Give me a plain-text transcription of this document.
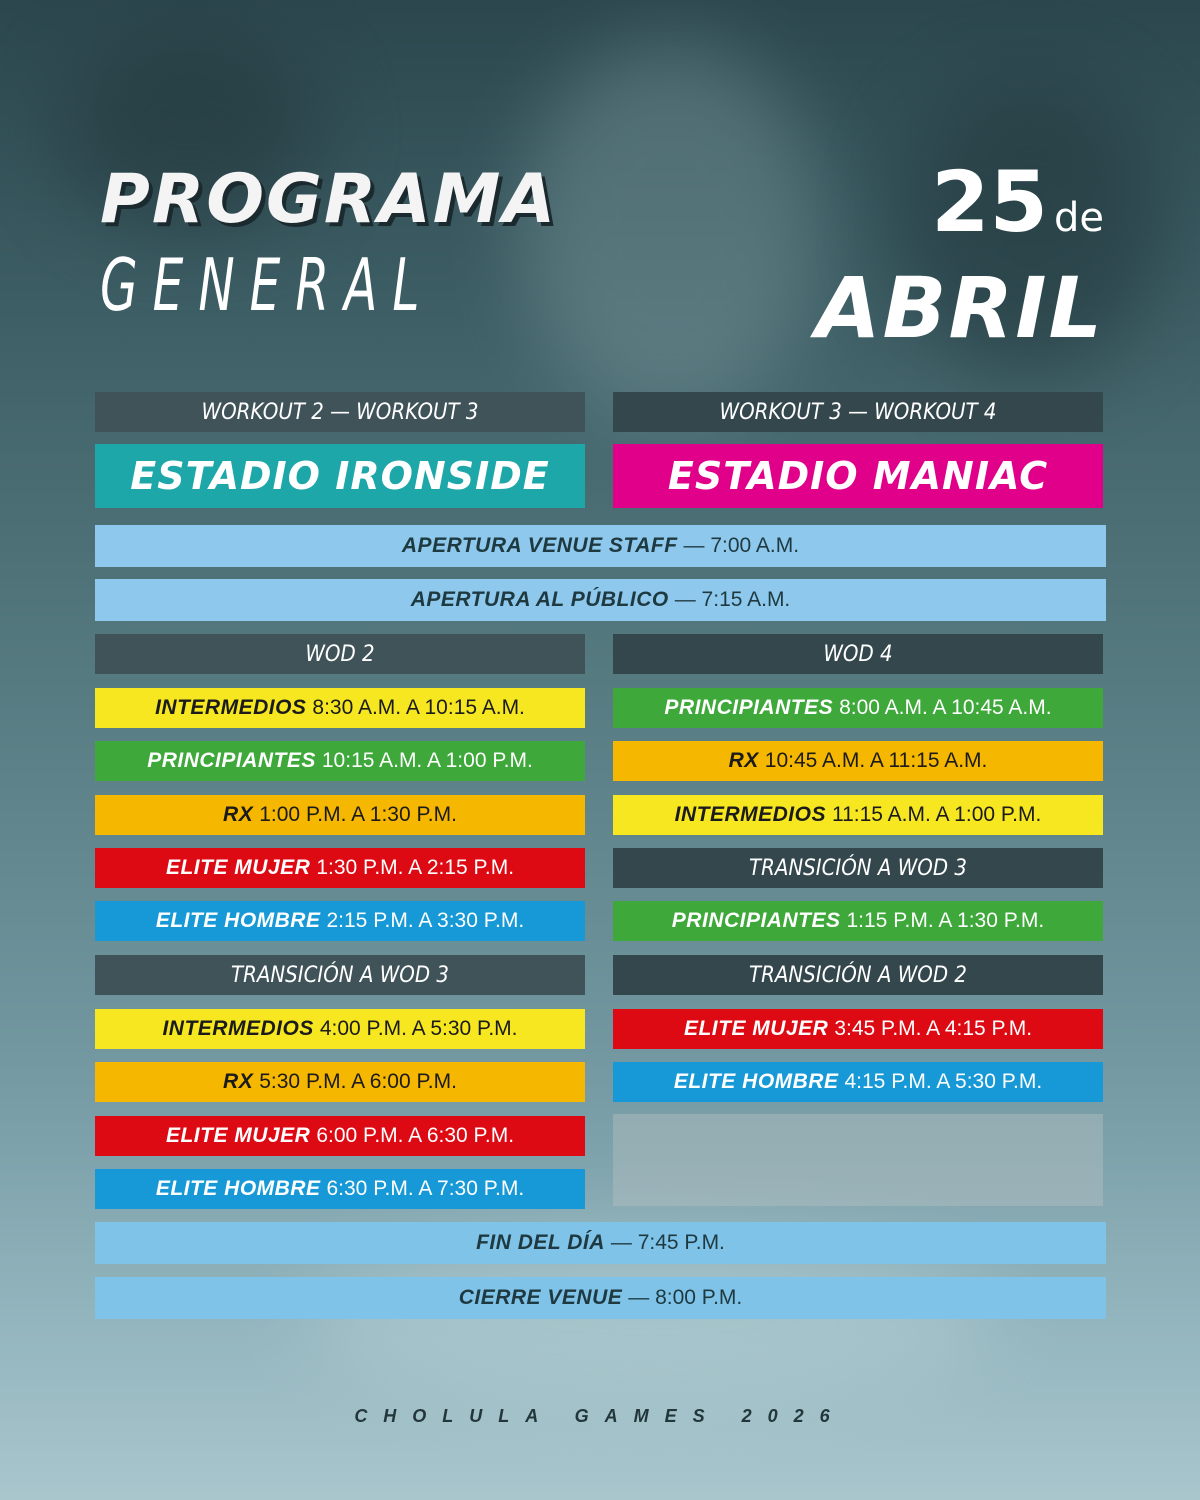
PROGRAMA
GENERAL
25 de
ABRIL
WORKOUT 2 — WORKOUT 3	WORKOUT 3 — WORKOUT 4
ESTADIO IRONSIDE	ESTADIO MANIAC
APERTURA VENUE STAFF — 7:00 A.M.
APERTURA AL PÚBLICO — 7:15 A.M.
WOD 2
INTERMEDIOS 8:30 A.M. A 10:15 A.M.
PRINCIPIANTES 10:15 A.M. A 1:00 P.M.
RX 1:00 P.M. A 1:30 P.M.
ELITE MUJER 1:30 P.M. A 2:15 P.M.
ELITE HOMBRE 2:15 P.M. A 3:30 P.M.
TRANSICIÓN A WOD 3
INTERMEDIOS 4:00 P.M. A 5:30 P.M.
RX 5:30 P.M. A 6:00 P.M.
ELITE MUJER 6:00 P.M. A 6:30 P.M.
ELITE HOMBRE 6:30 P.M. A 7:30 P.M.
WOD 4
PRINCIPIANTES 8:00 A.M. A 10:45 A.M.
RX 10:45 A.M. A 11:15 A.M.
INTERMEDIOS 11:15 A.M. A 1:00 P.M.
TRANSICIÓN A WOD 3
PRINCIPIANTES 1:15 P.M. A 1:30 P.M.
TRANSICIÓN A WOD 2
ELITE MUJER 3:45 P.M. A 4:15 P.M.
ELITE HOMBRE 4:15 P.M. A 5:30 P.M.
FIN DEL DÍA — 7:45 P.M.
CIERRE VENUE — 8:00 P.M.
CHOLULA GAMES 2026
